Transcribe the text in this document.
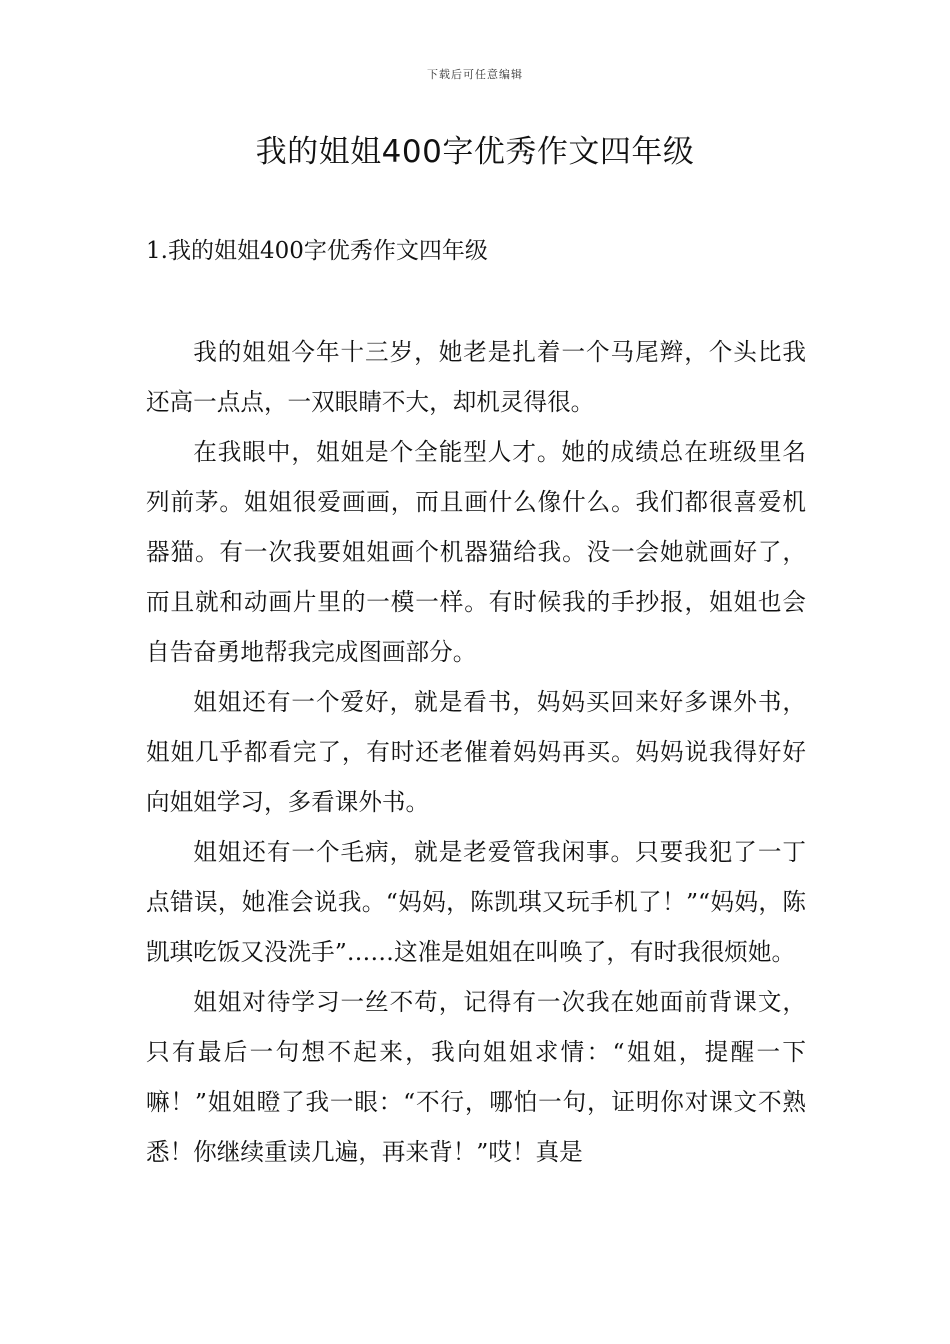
下载后可任意编辑
我的姐姐400字优秀作文四年级
1.我的姐姐400字优秀作文四年级

我的姐姐今年十三岁，她老是扎着一个马尾辫，个头比我还高一点点，一双眼睛不大，却机灵得很。

在我眼中，姐姐是个全能型人才。她的成绩总在班级里名列前茅。姐姐很爱画画，而且画什么像什么。我们都很喜爱机器猫。有一次我要姐姐画个机器猫给我。没一会她就画好了，而且就和动画片里的一模一样。有时候我的手抄报，姐姐也会自告奋勇地帮我完成图画部分。

姐姐还有一个爱好，就是看书，妈妈买回来好多课外书，姐姐几乎都看完了，有时还老催着妈妈再买。妈妈说我得好好向姐姐学习，多看课外书。

姐姐还有一个毛病，就是老爱管我闲事。只要我犯了一丁点错误，她准会说我。“妈妈，陈凯琪又玩手机了！”“妈妈，陈凯琪吃饭又没洗手”……这准是姐姐在叫唤了，有时我很烦她。

姐姐对待学习一丝不苟，记得有一次我在她面前背课文，只有最后一句想不起来，我向姐姐求情：“姐姐，提醒一下嘛！”姐姐瞪了我一眼：“不行，哪怕一句，证明你对课文不熟悉！你继续重读几遍，再来背！”哎！真是
